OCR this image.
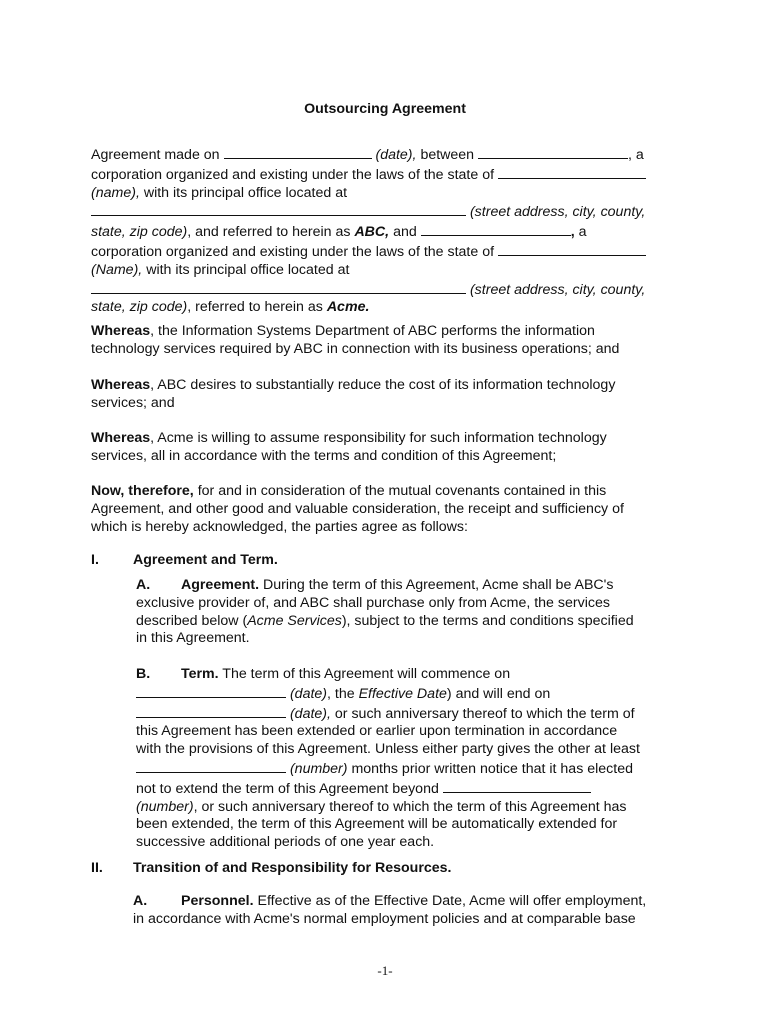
Outsourcing Agreement

Agreement made on	(date), between	, a

corporation organized and existing under the laws of the state of

(name), with its principal office located at

(street address, city, county,

state, zip code), and referred to herein as ABC, and	, a

corporation organized and existing under the laws of the state of

(Name), with its principal office located at

(street address, city, county,

state, zip code), referred to herein as Acme.

Whereas, the Information Systems Department of ABC performs the information

technology services required by ABC in connection with its business operations; and

Whereas, ABC desires to substantially reduce the cost of its information technology

services; and

Whereas, Acme is willing to assume responsibility for such information technology

services, all in accordance with the terms and condition of this Agreement;

Now, therefore, for and in consideration of the mutual covenants contained in this

Agreement, and other good and valuable consideration, the receipt and sufficiency of

which is hereby acknowledged, the parties agree as follows:

I. Agreement and Term.

A. Agreement. During the term of this Agreement, Acme shall be ABC's

exclusive provider of, and ABC shall purchase only from Acme, the services

described below (Acme Services), subject to the terms and conditions specified

in this Agreement.

B. Term. The term of this Agreement will commence on

(date), the Effective Date) and will end on

(date), or such anniversary thereof to which the term of

this Agreement has been extended or earlier upon termination in accordance

with the provisions of this Agreement. Unless either party gives the other at least

(number) months prior written notice that it has elected

not to extend the term of this Agreement beyond

(number), or such anniversary thereof to which the term of this Agreement has

been extended, the term of this Agreement will be automatically extended for

successive additional periods of one year each.

II. Transition of and Responsibility for Resources.

A. Personnel. Effective as of the Effective Date, Acme will offer employment,

in accordance with Acme's normal employment policies and at comparable base

-1-
